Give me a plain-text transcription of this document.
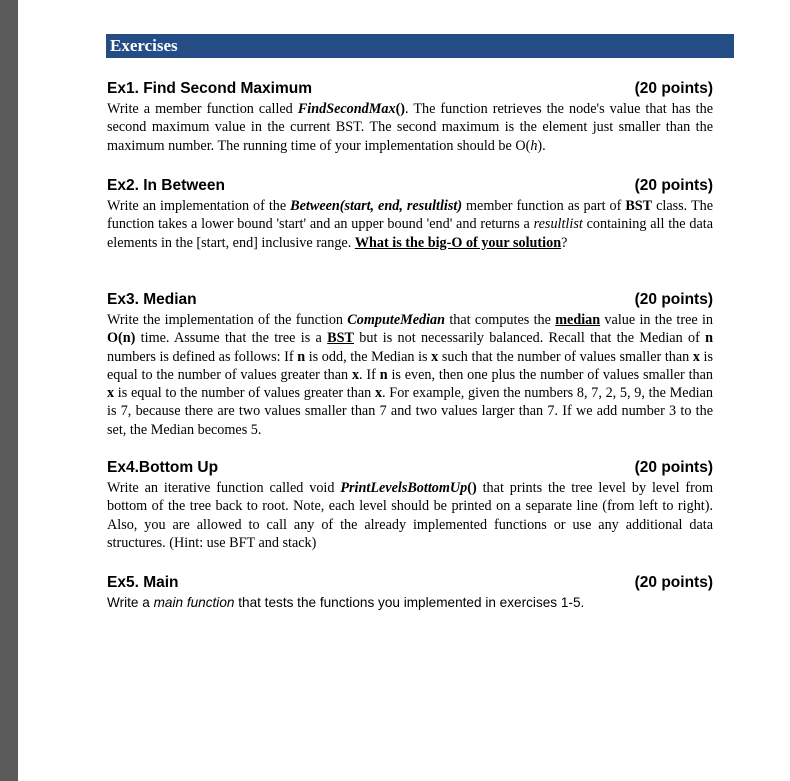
Exercises
Ex1. Find Second Maximum	(20 points)
Write a member function called FindSecondMax(). The function retrieves the node's value that has the second maximum value in the current BST. The second maximum is the element just smaller than the maximum number. The running time of your implementation should be O(h).
Ex2. In Between	(20 points)
Write an implementation of the Between(start, end, resultlist) member function as part of BST class. The function takes a lower bound 'start' and an upper bound 'end' and returns a resultlist containing all the data elements in the [start, end] inclusive range. What is the big-O of your solution?
Ex3. Median	(20 points)
Write the implementation of the function ComputeMedian that computes the median value in the tree in O(n) time. Assume that the tree is a BST but is not necessarily balanced. Recall that the Median of n numbers is defined as follows: If n is odd, the Median is x such that the number of values smaller than x is equal to the number of values greater than x. If n is even, then one plus the number of values smaller than x is equal to the number of values greater than x. For example, given the numbers 8, 7, 2, 5, 9, the Median is 7, because there are two values smaller than 7 and two values larger than 7. If we add number 3 to the set, the Median becomes 5.
Ex4.Bottom Up	(20 points)
Write an iterative function called void PrintLevelsBottomUp() that prints the tree level by level from bottom of the tree back to root. Note, each level should be printed on a separate line (from left to right). Also, you are allowed to call any of the already implemented functions or use any additional data structures. (Hint: use BFT and stack)
Ex5. Main	(20 points)
Write a main function that tests the functions you implemented in exercises 1-5.
